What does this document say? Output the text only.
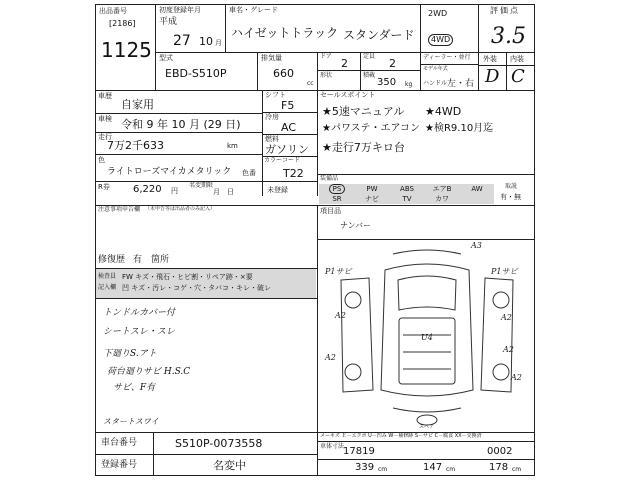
出品番号
[2186]
1125
初度登録年月
平成
27 10 月
車名・グレード
ハイゼットトラック スタンダード
2WD
4WD
評価点
3.5
型式
EBD-S510P
排気量
660
cc
ドア
2
定員
2
形状	積載
350 kg
ディーラー・並行
モデル年式
ハンドル 左・右
外装 内装
D C
車歴
自家用
車検 令和 9 年 10 月 (29 日)
走行
7万2千633	km
色
ライトローズマイカメタリック	色番
シフト
F5
冷房
AC
燃料
ガソリン
カラーコード
T22
R券 6,220 円
名変期限
月　日	未登録
セールスポイント
★5速マニュアル ★4WD
★パワステ・エアコン ★検R9.10月迄
★走行7万キロ台
装備品
PS	PW	ABS	エアB	AW
SR	ナビ	TV	カワ
取説
有・無
注意事項申告欄 （未申告等は出品者のみ記入）	項目品
ナンバー
修復歴 有 箇所
検査員
記入欄
FW キズ・飛石・ヒビ割・リペア跡・×要
凹 キズ・汚レ・コゲ・穴・タバコ・キレ・破レ
トンドルカバー付
シートスレ・スレ
下廻りS.アト
荷台廻りサビ H.S.C
サビ、F有
スタートスワイ
A3
A2	A2
A2
A2
A2
U4
P1サビ	P1サビ
スペア
車台番号	S510P-0073558
登録番号	名変中
メーキズ Ｅ－エクボ U－凹み W－補修跡 S－サビ C－腐食 XX－交換済
車体寸法
17819	0002
339 cm	147 cm	178 cm
